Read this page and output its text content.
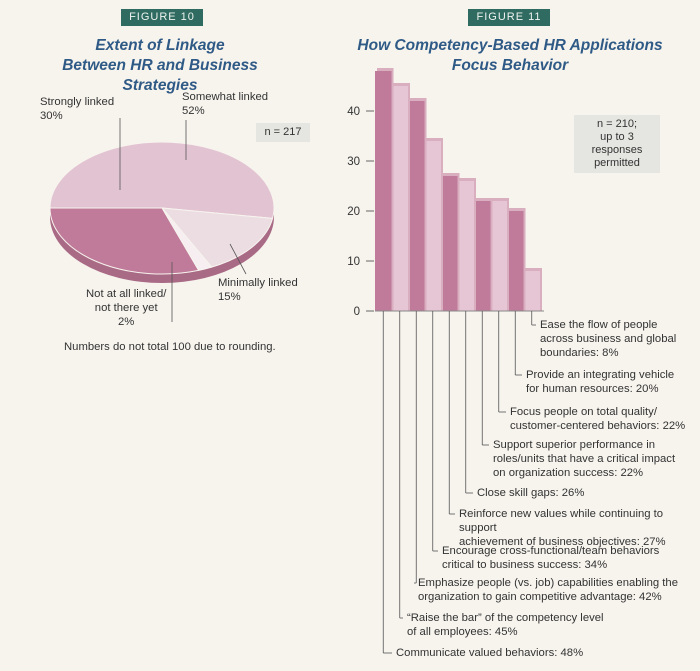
FIGURE 10	FIGURE 11
Extent of Linkage
Between HR and Business Strategies
How Competency-Based HR Applications
Focus Behavior
n = 217
n = 210;
up to 3 responses
permitted
Numbers do not total 100 due to rounding.
0
10
20
30
40
Somewhat linked
52%
Minimally linked
15%
Not at all linked/
not there yet
2%
Strongly linked
30%
Communicate valued behaviors: 48%
“Raise the bar” of the competency level
of all employees: 45%
Emphasize people (vs. job) capabilities enabling the
organization to gain competitive advantage: 42%
Encourage cross-functional/team behaviors
critical to business success: 34%
Reinforce new values while continuing to support
achievement of business objectives: 27%
Close skill gaps: 26%
Support superior performance in
roles/units that have a critical impact
on organization success: 22%
Focus people on total quality/
customer-centered behaviors: 22%
Provide an integrating vehicle
for human resources: 20%
Ease the flow of people
across business and global
boundaries: 8%
